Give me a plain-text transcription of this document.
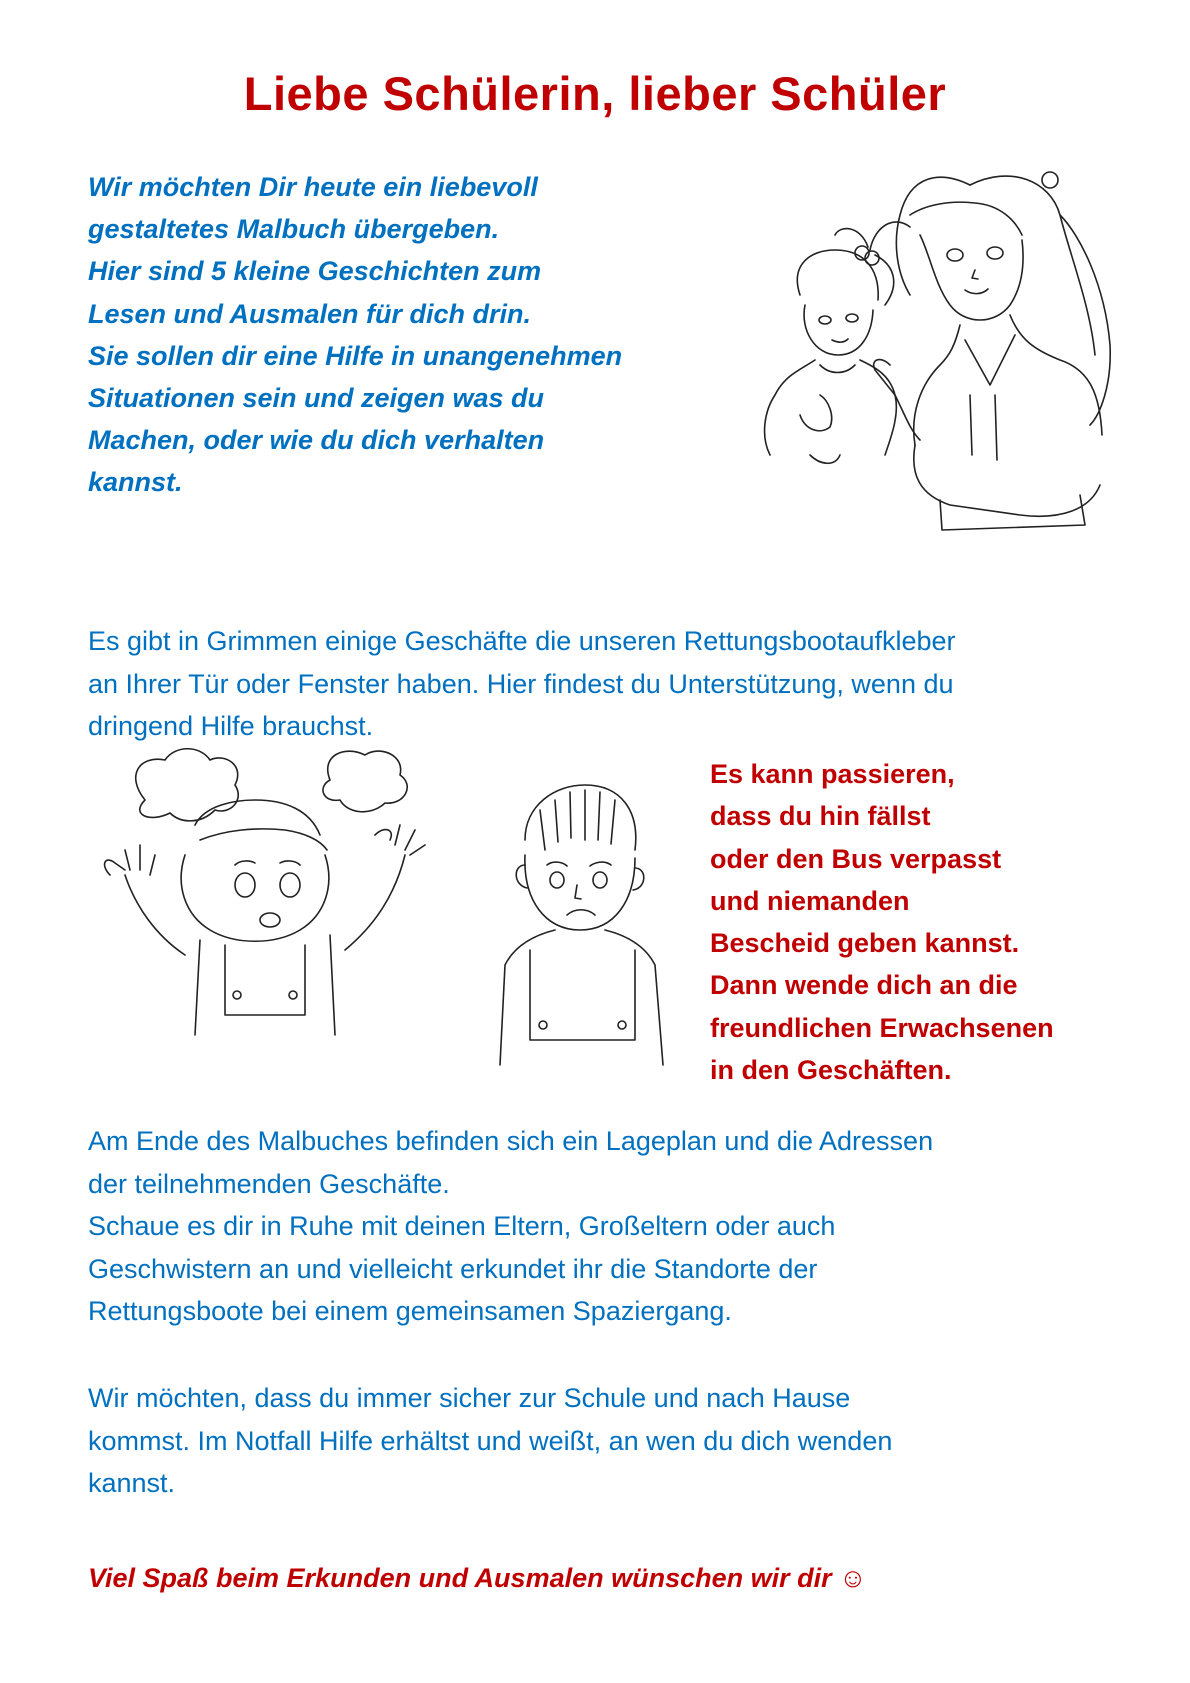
Liebe Schülerin, lieber Schüler
Wir möchten Dir heute ein liebevoll
gestaltetes Malbuch übergeben.
Hier sind 5 kleine Geschichten zum
Lesen und Ausmalen für dich drin.
Sie sollen dir eine Hilfe in unangenehmen
Situationen sein und zeigen was du
Machen, oder wie du dich verhalten
kannst.
Es gibt in Grimmen einige Geschäfte die unseren Rettungsbootaufkleber
an Ihrer Tür oder Fenster haben. Hier findest du Unterstützung, wenn du
dringend Hilfe brauchst.
Es kann passieren,
dass du hin fällst
oder den Bus verpasst
und niemanden
Bescheid geben kannst.
Dann wende dich an die
freundlichen Erwachsenen
in den Geschäften.
Am Ende des Malbuches befinden sich ein Lageplan und die Adressen
der teilnehmenden Geschäfte.
Schaue es dir in Ruhe mit deinen Eltern, Großeltern oder auch
Geschwistern an und vielleicht erkundet ihr die Standorte der
Rettungsboote bei einem gemeinsamen Spaziergang.
Wir möchten, dass du immer sicher zur Schule und nach Hause
kommst. Im Notfall Hilfe erhältst und weißt, an wen du dich wenden
kannst.
Viel Spaß beim Erkunden und Ausmalen wünschen wir dir ☺
